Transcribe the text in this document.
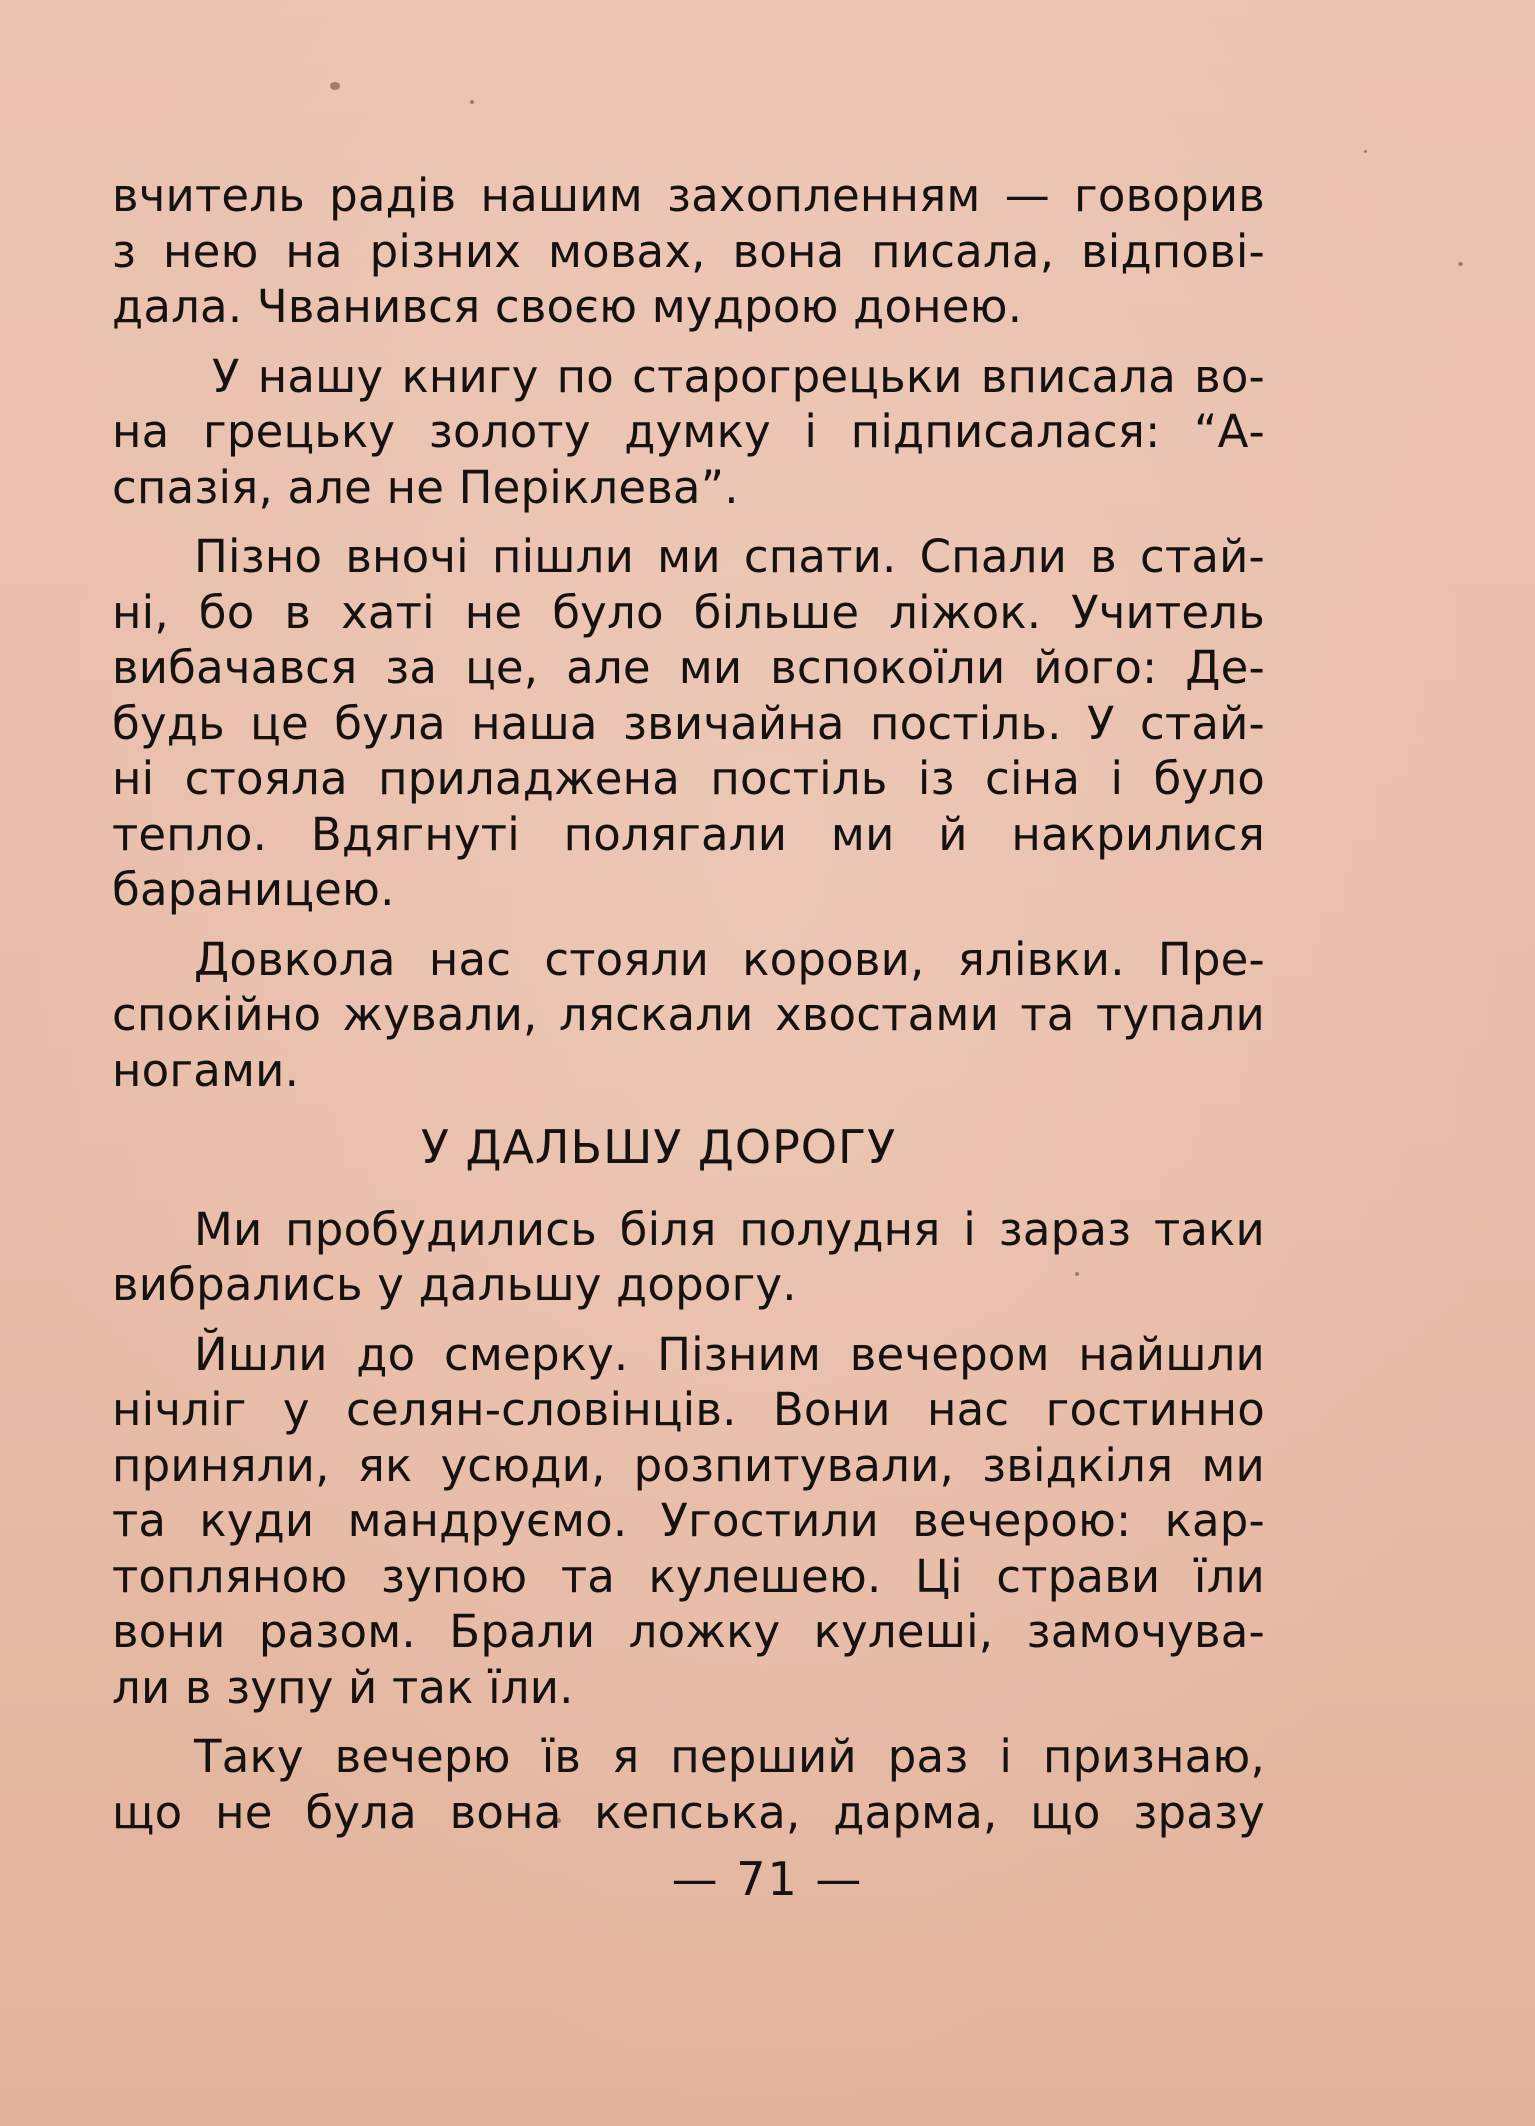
вчитель радів нашим захопленням — говорив
з нею на різних мовах, вона писала, відпові-
дала. Чванився своєю мудрою донею.
У нашу книгу по старогрецьки вписала во-
на грецьку золоту думку і підписалася: “А-
спазія, але не Періклева”.
Пізно вночі пішли ми спати. Спали в стай-
ні, бо в хаті не було більше ліжок. Учитель
вибачався за це, але ми вспокоїли його: Де-
будь це була наша звичайна постіль. У стай-
ні стояла приладжена постіль із сіна і було
тепло. Вдягнуті полягали ми й накрилися
бараницею.
Довкола нас стояли корови, ялівки. Пре-
спокійно жували, ляскали хвостами та тупали
ногами.
У ДАЛЬШУ ДОРОГУ
Ми пробудились біля полудня і зараз таки
вибрались у дальшу дорогу.
Йшли до смерку. Пізним вечером найшли
нічліг у селян-словінців. Вони нас гостинно
приняли, як усюди, розпитували, звідкіля ми
та куди мандруємо. Угостили вечерою: кар-
топляною зупою та кулешею. Ці страви їли
вони разом. Брали ложку кулеші, замочува-
ли в зупу й так їли.
Таку вечерю їв я перший раз і признаю,
що не була вона кепська, дарма, що зразу
— 71 —
